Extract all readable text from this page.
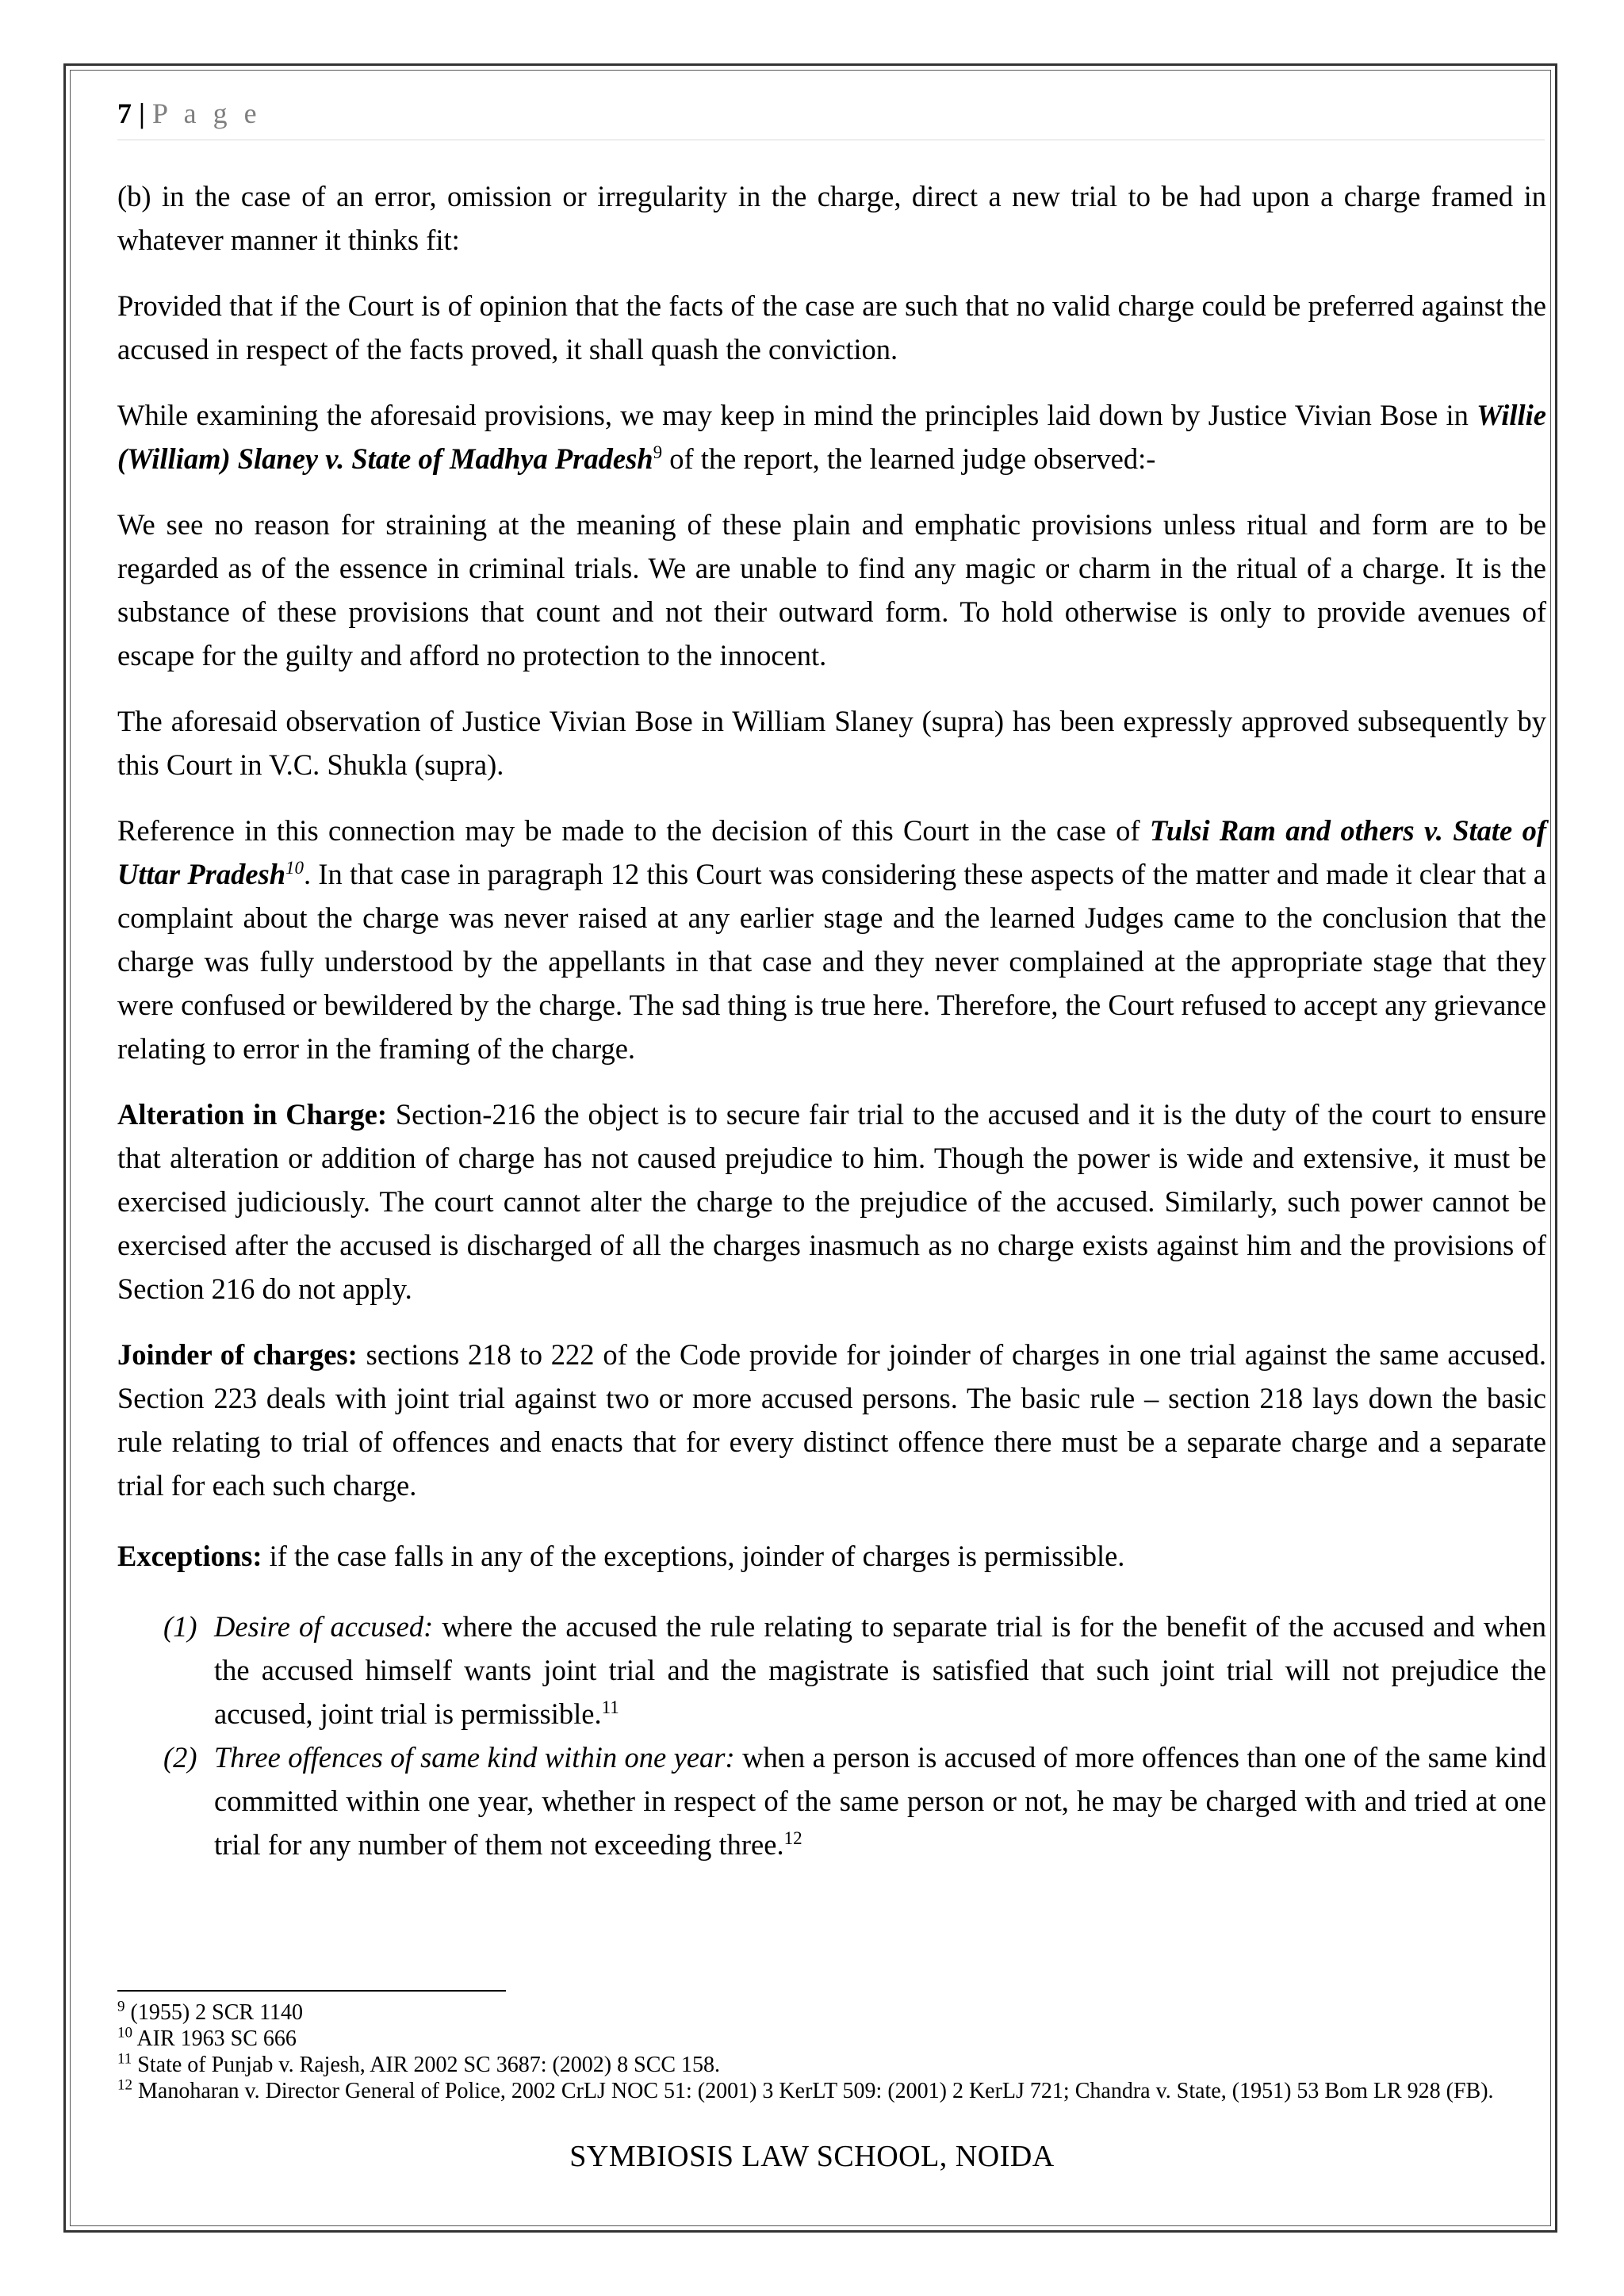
7 | P a g e

(b) in the case of an error, omission or irregularity in the charge, direct a new trial to be had upon a charge framed in whatever manner it thinks fit:

Provided that if the Court is of opinion that the facts of the case are such that no valid charge could be preferred against the accused in respect of the facts proved, it shall quash the conviction.

While examining the aforesaid provisions, we may keep in mind the principles laid down by Justice Vivian Bose in Willie (William) Slaney v. State of Madhya Pradesh$^9$ of the report, the learned judge observed:-

We see no reason for straining at the meaning of these plain and emphatic provisions unless ritual and form are to be regarded as of the essence in criminal trials. We are unable to find any magic or charm in the ritual of a charge. It is the substance of these provisions that count and not their outward form. To hold otherwise is only to provide avenues of escape for the guilty and afford no protection to the innocent.

The aforesaid observation of Justice Vivian Bose in William Slaney (supra) has been expressly approved subsequently by this Court in V.C. Shukla (supra).

Reference in this connection may be made to the decision of this Court in the case of Tulsi Ram and others v. State of Uttar Pradesh$^{10}$. In that case in paragraph 12 this Court was considering these aspects of the matter and made it clear that a complaint about the charge was never raised at any earlier stage and the learned Judges came to the conclusion that the charge was fully understood by the appellants in that case and they never complained at the appropriate stage that they were confused or bewildered by the charge. The sad thing is true here. Therefore, the Court refused to accept any grievance relating to error in the framing of the charge.

Alteration in Charge: Section-216 the object is to secure fair trial to the accused and it is the duty of the court to ensure that alteration or addition of charge has not caused prejudice to him. Though the power is wide and extensive, it must be exercised judiciously. The court cannot alter the charge to the prejudice of the accused. Similarly, such power cannot be exercised after the accused is discharged of all the charges inasmuch as no charge exists against him and the provisions of Section 216 do not apply.

Joinder of charges: sections 218 to 222 of the Code provide for joinder of charges in one trial against the same accused. Section 223 deals with joint trial against two or more accused persons. The basic rule – section 218 lays down the basic rule relating to trial of offences and enacts that for every distinct offence there must be a separate charge and a separate trial for each such charge.

Exceptions: if the case falls in any of the exceptions, joinder of charges is permissible.

(1) Desire of accused: where the accused the rule relating to separate trial is for the benefit of the accused and when the accused himself wants joint trial and the magistrate is satisfied that such joint trial will not prejudice the accused, joint trial is permissible.$^{11}$
(2) Three offences of same kind within one year: when a person is accused of more offences than one of the same kind committed within one year, whether in respect of the same person or not, he may be charged with and tried at one trial for any number of them not exceeding three.$^{12}$
$^9$ (1955) 2 SCR 1140
$^{10}$ AIR 1963 SC 666
$^{11}$ State of Punjab v. Rajesh, AIR 2002 SC 3687: (2002) 8 SCC 158.
$^{12}$ Manoharan v. Director General of Police, 2002 CrLJ NOC 51: (2001) 3 KerLT 509: (2001) 2 KerLJ 721; Chandra v. State, (1951) 53 Bom LR 928 (FB).
SYMBIOSIS LAW SCHOOL, NOIDA
